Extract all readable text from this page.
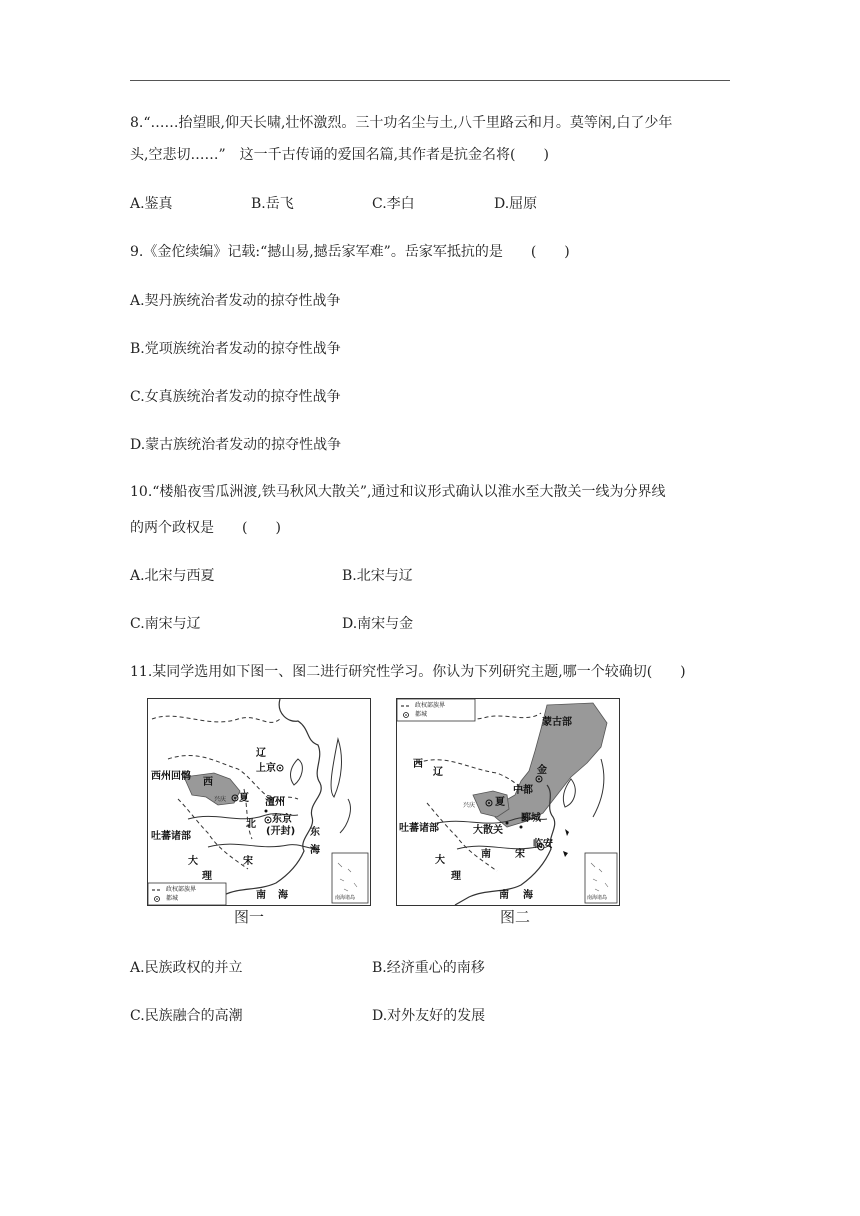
8.“……抬望眼,仰天长啸,壮怀激烈。三十功名尘与土,八千里路云和月。莫等闲,白了少年
头,空悲切……”　这一千古传诵的爱国名篇,其作者是抗金名将(　　)
A.鉴真	B.岳飞	C.李白	D.屈原
9.《金佗续编》记载:“撼山易,撼岳家军难”。岳家军抵抗的是　　(　　)
A.契丹族统治者发动的掠夺性战争
B.党项族统治者发动的掠夺性战争
C.女真族统治者发动的掠夺性战争
D.蒙古族统治者发动的掠夺性战争
10.“楼船夜雪瓜洲渡,铁马秋风大散关”,通过和议形式确认以淮水至大散关一线为分界线
的两个政权是　　(　　)
A.北宋与西夏	B.北宋与辽
C.南宋与辽	D.南宋与金
11.某同学选用如下图一、图二进行研究性学习。你认为下列研究主题,哪一个较确切(　　)
辽
上京
西州回鹘
西
兴庆 夏 澶州
北 东京
(开封) 东
吐蕃诸部
大
理
宋
海
南 海
政权部族界
都城	南海诸岛
图一
蒙古部
西
辽	金
中都
兴庆 夏
吐蕃诸部	大散关
郾城
大
理
南 宋
临安
南 海
政权部族界
都城
南海诸岛
图二
A.民族政权的并立	B.经济重心的南移
C.民族融合的高潮	D.对外友好的发展
